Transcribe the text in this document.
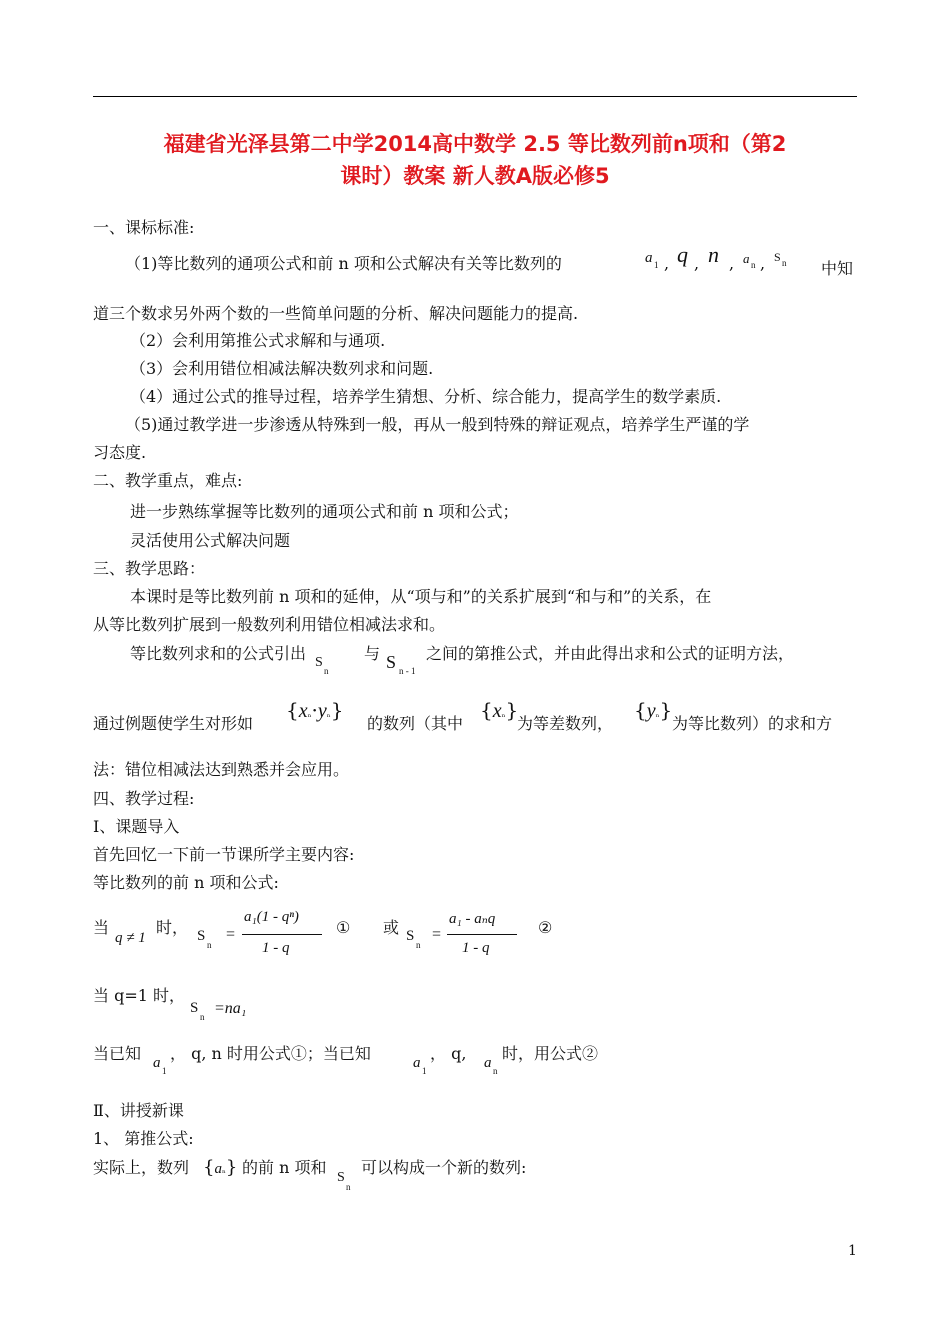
福建省光泽县第二中学2014高中数学 2.5 等比数列前n项和（第2
课时）教案 新人教A版必修5
一、课标标准:
（1)等比数列的通项公式和前 n 项和公式解决有关等比数列的	a 1 , q , n , a n , S n 中知
道三个数求另外两个数的一些简单问题的分析、解决问题能力的提高.
（2）会利用第推公式求解和与通项.
（3）会利用错位相减法解决数列求和问题.
（4）通过公式的推导过程，培养学生猜想、分析、综合能力，提高学生的数学素质.
（5)通过教学进一步渗透从特殊到一般，再从一般到特殊的辩证观点，培养学生严谨的学
习态度.
二、教学重点，难点:
进一步熟练掌握等比数列的通项公式和前 n 项和公式；
灵活使用公式解决问题
三、教学思路：
本课时是等比数列前 n 项和的延伸，从“项与和”的关系扩展到“和与和”的关系，在
从等比数列扩展到一般数列利用错位相减法求和。
等比数列求和的公式引出 S
n
与 S n - 1
之间的第推公式，并由此得出求和公式的证明方法，
通过例题使学生对形如
{xₙ·yₙ}
的数列（其中
{xₙ}
为等差数列，
{yₙ}
为等比数列）的求和方
法：错位相减法达到熟悉并会应用。
四、教学过程:
Ⅰ、课题导入
首先回忆一下前一节课所学主要内容:
等比数列的前 n 项和公式:
当
q ≠ 1
时， S
n
=
a₁(1 - qⁿ)
1 - q
① 或 S
n
=
a₁ - aₙq
1 - q
②
当 q=1 时，
S
n =na₁
当已知 a 1
， q, n 时用公式①；当已知	a 1
， q, a n
时，用公式②
Ⅱ、讲授新课
1、 第推公式:
实际上，数列 {aₙ} 的前 n 项和
S
n
可以构成一个新的数列:
1
